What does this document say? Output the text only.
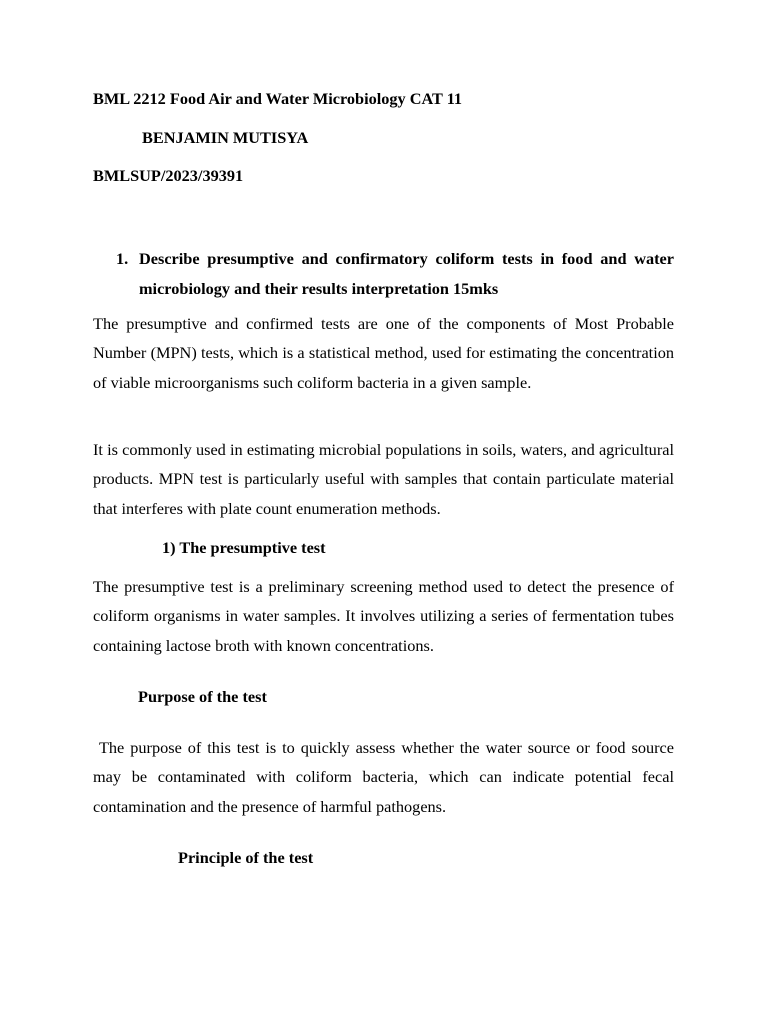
BML 2212 Food Air and Water Microbiology CAT 11
BENJAMIN MUTISYA
BMLSUP/2023/39391
1. Describe presumptive and confirmatory coliform tests in food and water microbiology and their results interpretation 15mks
The presumptive and confirmed tests are one of the components of Most Probable Number (MPN) tests, which is a statistical method, used for estimating the concentration of viable microorganisms such coliform bacteria in a given sample.
It is commonly used in estimating microbial populations in soils, waters, and agricultural products. MPN test is particularly useful with samples that contain particulate material that interferes with plate count enumeration methods.
1) The presumptive test
The presumptive test is a preliminary screening method used to detect the presence of coliform organisms in water samples. It involves utilizing a series of fermentation tubes containing lactose broth with known concentrations.
Purpose of the test
The purpose of this test is to quickly assess whether the water source or food source may be contaminated with coliform bacteria, which can indicate potential fecal contamination and the presence of harmful pathogens.
Principle of the test
